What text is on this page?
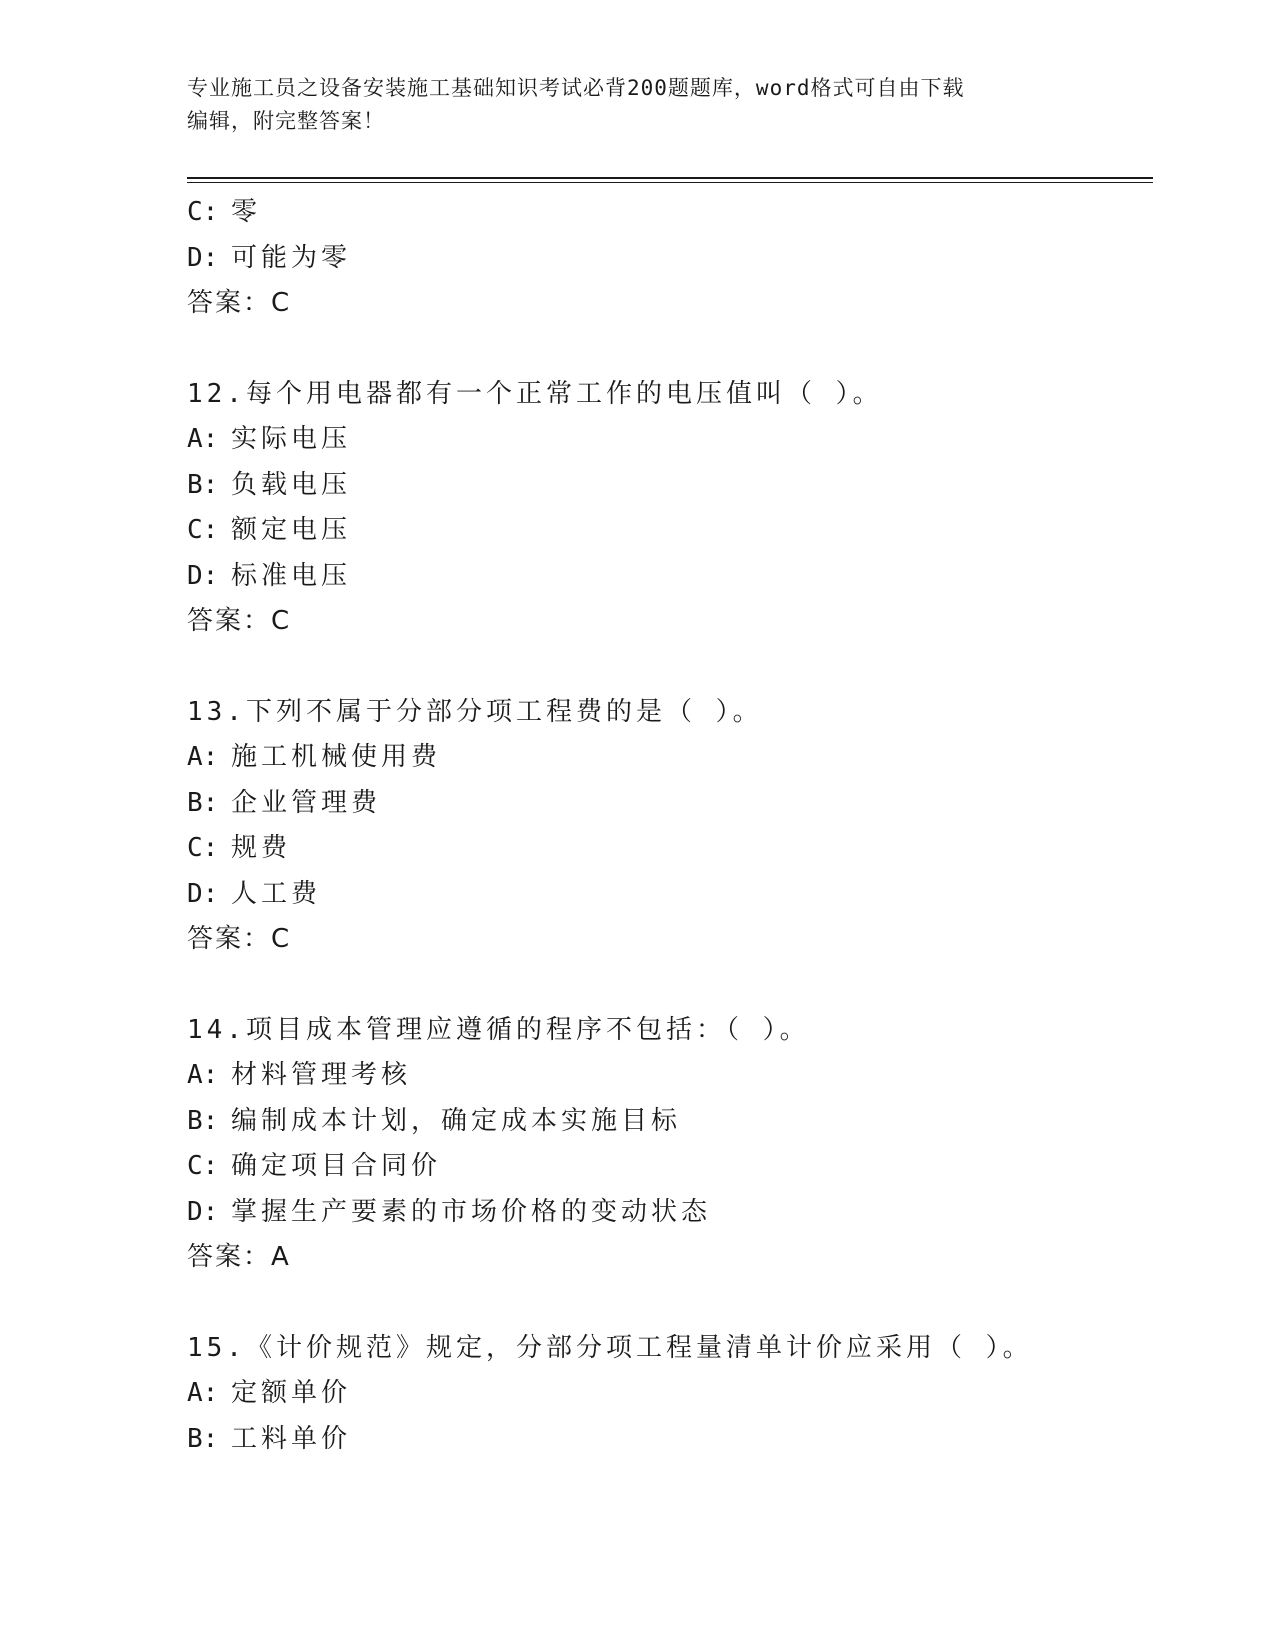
专业施工员之设备安装施工基础知识考试必背200题题库，word格式可自由下载
编辑，附完整答案！
C: 零
D: 可能为零
答案：C
12.每个用电器都有一个正常工作的电压值叫（ ）。
A: 实际电压
B: 负载电压
C: 额定电压
D: 标准电压
答案：C
13.下列不属于分部分项工程费的是（ ）。
A: 施工机械使用费
B: 企业管理费
C: 规费
D: 人工费
答案：C
14.项目成本管理应遵循的程序不包括：（ ）。
A: 材料管理考核
B: 编制成本计划，确定成本实施目标
C: 确定项目合同价
D: 掌握生产要素的市场价格的变动状态
答案：A
15.《计价规范》规定，分部分项工程量清单计价应采用（ ）。
A: 定额单价
B: 工料单价
